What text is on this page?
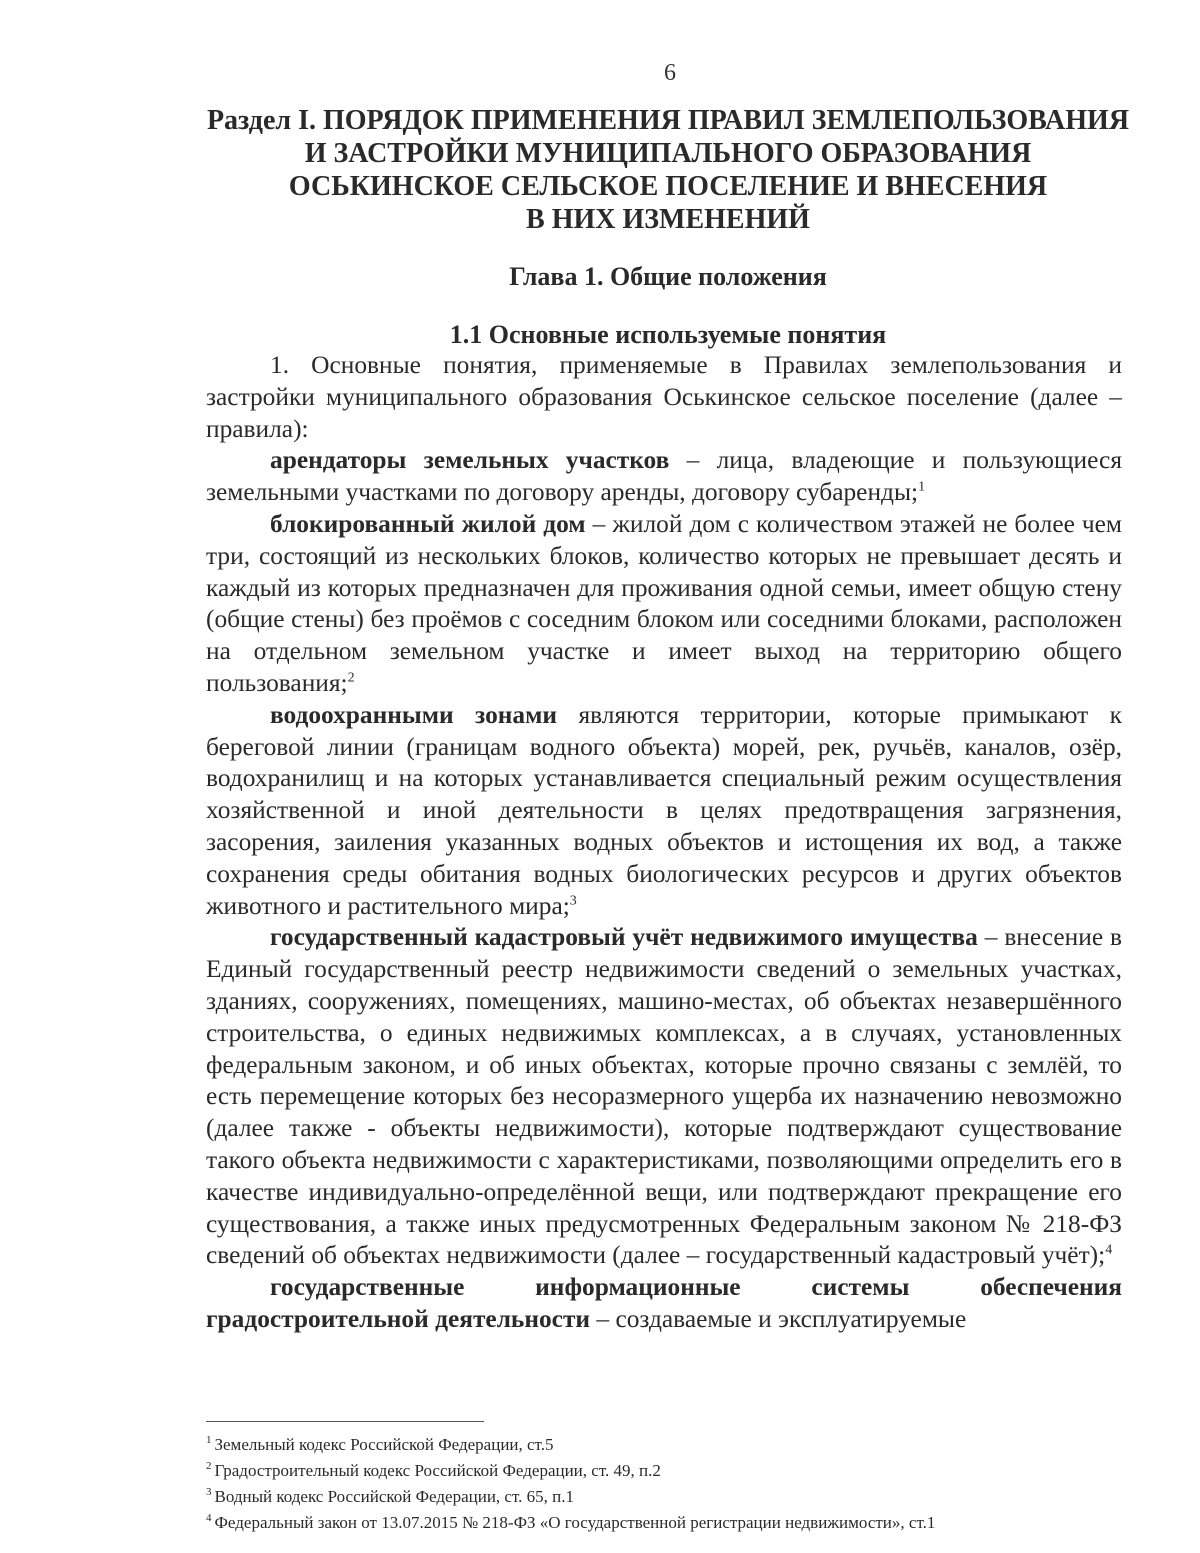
6
Раздел I. ПОРЯДОК ПРИМЕНЕНИЯ ПРАВИЛ ЗЕМЛЕПОЛЬЗОВАНИЯ
И ЗАСТРОЙКИ МУНИЦИПАЛЬНОГО ОБРАЗОВАНИЯ
ОСЬКИНСКОЕ СЕЛЬСКОЕ ПОСЕЛЕНИЕ И ВНЕСЕНИЯ
В НИХ ИЗМЕНЕНИЙ
Глава 1. Общие положения
1.1 Основные используемые понятия

1. Основные понятия, применяемые в Правилах землепользования и застройки муниципального образования Оськинское сельское поселение (далее – правила):

арендаторы земельных участков – лица, владеющие и пользующиеся земельными участками по договору аренды, договору субаренды;$^1$

блокированный жилой дом – жилой дом с количеством этажей не более чем три, состоящий из нескольких блоков, количество которых не превышает десять и каждый из которых предназначен для проживания одной семьи, имеет общую стену (общие стены) без проёмов с соседним блоком или соседними блоками, расположен на отдельном земельном участке и имеет выход на территорию общего пользования;$^2$

водоохранными зонами являются территории, которые примыкают к береговой линии (границам водного объекта) морей, рек, ручьёв, каналов, озёр, водохранилищ и на которых устанавливается специальный режим осуществления хозяйственной и иной деятельности в целях предотвращения загрязнения, засорения, заиления указанных водных объектов и истощения их вод, а также сохранения среды обитания водных биологических ресурсов и других объектов животного и растительного мира;$^3$

государственный кадастровый учёт недвижимого имущества – внесение в Единый государственный реестр недвижимости сведений о земельных участках, зданиях, сооружениях, помещениях, машино-местах, об объектах незавершённого строительства, о единых недвижимых комплексах, а в случаях, установленных федеральным законом, и об иных объектах, которые прочно связаны с землёй, то есть перемещение которых без несоразмерного ущерба их назначению невозможно (далее также - объекты недвижимости), которые подтверждают существование такого объекта недвижимости с характеристиками, позволяющими определить его в качестве индивидуально-определённой вещи, или подтверждают прекращение его существования, а также иных предусмотренных Федеральным законом № 218-ФЗ сведений об объектах недвижимости (далее – государственный кадастровый учёт);$^4$

государственные информационные системы обеспечения градостроительной деятельности – создаваемые и эксплуатируемые

$^1$ Земельный кодекс Российской Федерации, ст.5
$^2$ Градостроительный кодекс Российской Федерации, ст. 49, п.2
$^3$ Водный кодекс Российской Федерации, ст. 65, п.1
$^4$ Федеральный закон от 13.07.2015 № 218-ФЗ «О государственной регистрации недвижимости», ст.1
